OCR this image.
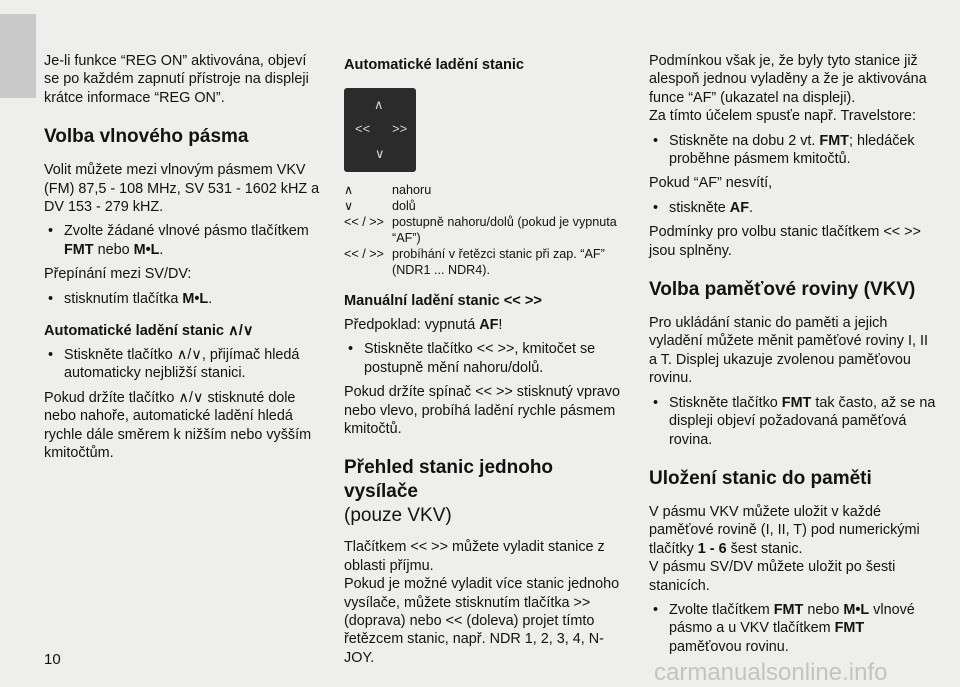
Je-li funkce “REG ON” aktivována, objeví se po každém zapnutí přístroje na displeji krátce informace “REG ON”.

Volba vlnového pásma

Volit můžete mezi vlnovým pásmem VKV (FM) 87,5 - 108 MHz, SV 531 - 1602 kHZ a DV 153 - 279 kHZ.

• Zvolte žádané vlnové pásmo tlačítkem FMT nebo M•L.

Přepínání mezi SV/DV:

• stisknutím tlačítka M•L.
Automatické ladění stanic ∧/∨
• Stiskněte tlačítko ∧/∨, přijímač hledá automaticky nejbližší stanici.

Pokud držíte tlačítko ∧/∨ stisknuté dole nebo nahoře, automatické ladění hledá rychle dále směrem k nižším nebo vyšším kmitočtům.

Automatické ladění stanic
∧
<< >>
∨
∧	nahoru
∨	dolů
<< / >> postupně nahoru/dolů (pokud je vypnuta “AF”)
<< / >> probíhání v řetězci stanic při zap. “AF” (NDR1 ... NDR4).
Manuální ladění stanic << >>

Předpoklad: vypnutá AF!

• Stiskněte tlačítko << >>, kmitočet se postupně mění nahoru/dolů.

Pokud držíte spínač << >> stisknutý vpravo nebo vlevo, probíhá ladění rychle pásmem kmitočtů.

Přehled stanic jednoho vysílače
(pouze VKV)

Tlačítkem << >> můžete vyladit stanice z oblasti příjmu.

Pokud je možné vyladit více stanic jednoho vysílače, můžete stisknutím tlačítka >> (doprava) nebo << (doleva) projet tímto řetězcem stanic, např. NDR 1, 2, 3, 4, N-JOY.

Podmínkou však je, že byly tyto stanice již alespoň jednou vyladěny a že je aktivována funce “AF” (ukazatel na displeji).

Za tímto účelem spusťe např. Travelstore:

• Stiskněte na dobu 2 vt. FMT; hledáček proběhne pásmem kmitočtů.

Pokud “AF” nesvítí,

• stiskněte AF.

Podmínky pro volbu stanic tlačítkem << >> jsou splněny.

Volba paměťové roviny (VKV)

Pro ukládání stanic do paměti a jejich vyladění můžete měnit paměťové roviny I, II a T. Displej ukazuje zvolenou paměťovou rovinu.

• Stiskněte tlačítko FMT tak často, až se na displeji objeví požadovaná paměťová rovina.
Uložení stanic do paměti

V pásmu VKV můžete uložit v každé paměťové rovině (I, II, T) pod numerickými tlačítky 1 - 6 šest stanic.

V pásmu SV/DV můžete uložit po šesti stanicích.

• Zvolte tlačítkem FMT nebo M•L vlnové pásmo a u VKV tlačítkem FMT paměťovou rovinu.
10	carmanualsonline.info
